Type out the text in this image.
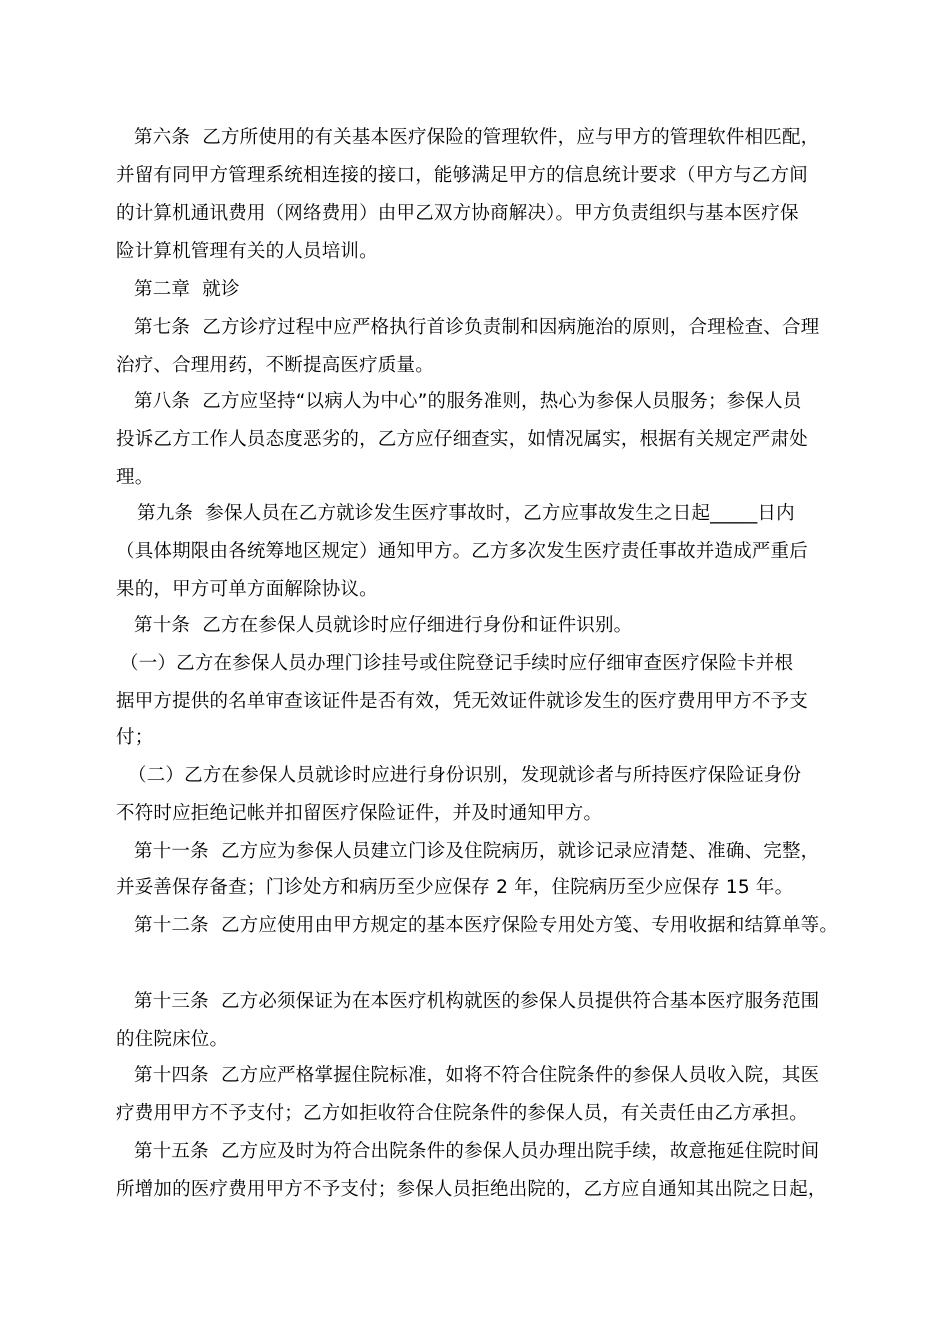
第六条  乙方所使用的有关基本医疗保险的管理软件，应与甲方的管理软件相匹配，
并留有同甲方管理系统相连接的接口，能够满足甲方的信息统计要求（甲方与乙方间
的计算机通讯费用（网络费用）由甲乙双方协商解决）。甲方负责组织与基本医疗保
险计算机管理有关的人员培训。
第二章  就诊
第七条  乙方诊疗过程中应严格执行首诊负责制和因病施治的原则，合理检查、合理
治疗、合理用药，不断提高医疗质量。
第八条  乙方应坚持“以病人为中心”的服务准则，热心为参保人员服务；参保人员
投诉乙方工作人员态度恶劣的，乙方应仔细查实，如情况属实，根据有关规定严肃处
理。
第九条  参保人员在乙方就诊发生医疗事故时，乙方应事故发生之日起_____日内
（具体期限由各统筹地区规定）通知甲方。乙方多次发生医疗责任事故并造成严重后
果的，甲方可单方面解除协议。
第十条  乙方在参保人员就诊时应仔细进行身份和证件识别。
（一）乙方在参保人员办理门诊挂号或住院登记手续时应仔细审查医疗保险卡并根
据甲方提供的名单审查该证件是否有效，凭无效证件就诊发生的医疗费用甲方不予支
付；
（二）乙方在参保人员就诊时应进行身份识别，发现就诊者与所持医疗保险证身份
不符时应拒绝记帐并扣留医疗保险证件，并及时通知甲方。
第十一条  乙方应为参保人员建立门诊及住院病历，就诊记录应清楚、准确、完整，
并妥善保存备查；门诊处方和病历至少应保存 2 年，住院病历至少应保存 15 年。
第十二条  乙方应使用由甲方规定的基本医疗保险专用处方笺、专用收据和结算单等。
第十三条  乙方必须保证为在本医疗机构就医的参保人员提供符合基本医疗服务范围
的住院床位。
第十四条  乙方应严格掌握住院标准，如将不符合住院条件的参保人员收入院，其医
疗费用甲方不予支付；乙方如拒收符合住院条件的参保人员，有关责任由乙方承担。
第十五条  乙方应及时为符合出院条件的参保人员办理出院手续，故意拖延住院时间
所增加的医疗费用甲方不予支付；参保人员拒绝出院的，乙方应自通知其出院之日起，
